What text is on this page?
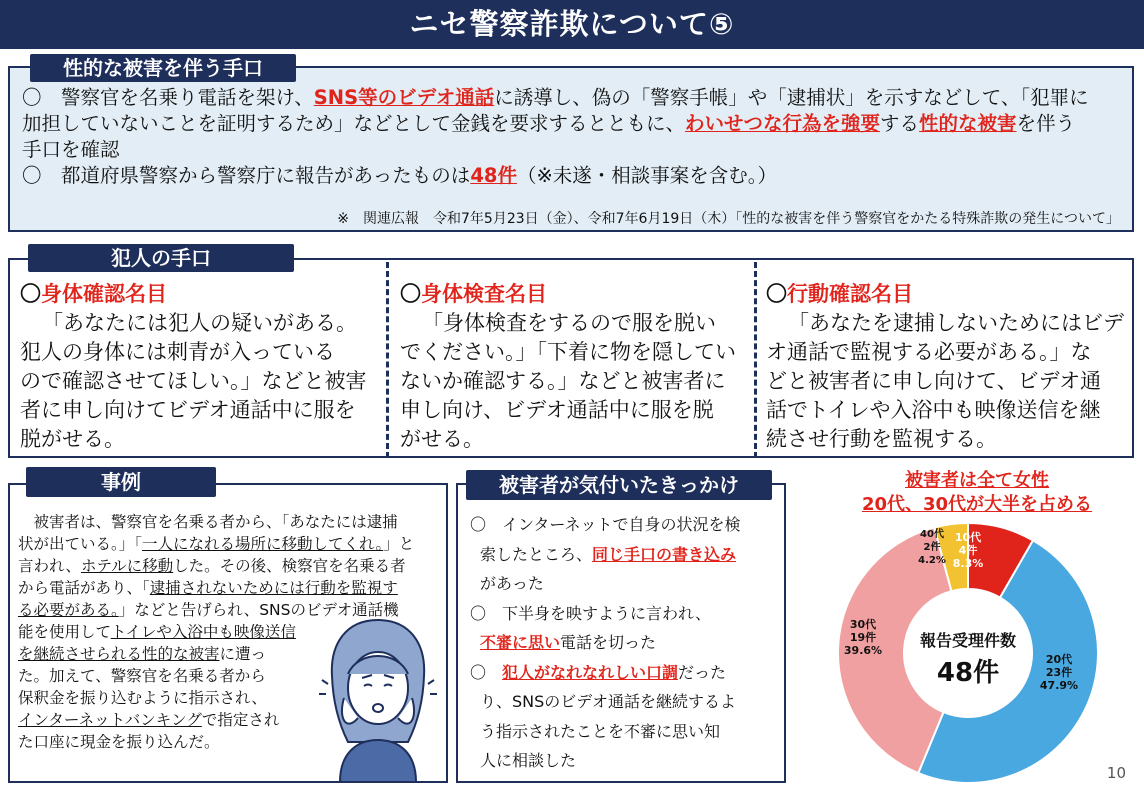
ニセ警察詐欺について⑤

〇　警察官を名乗り電話を架け、SNS等のビデオ通話に誘導し、偽の「警察手帳」や「逮捕状」を示すなどして、「犯罪に

加担していないことを証明するため」などとして金銭を要求するとともに、わいせつな行為を強要する性的な被害を伴う

手口を確認

〇　都道府県警察から警察庁に報告があったものは48件（※未遂・相談事案を含む。）

※　関連広報　令和7年5月23日（金）、令和7年6月19日（木）「性的な被害を伴う警察官をかたる特殊詐欺の発生について」

性的な被害を伴う手口
犯人の手口
〇身体確認名目
「あなたには犯人の疑いがある。
犯人の身体には刺青が入っている
ので確認させてほしい。」などと被害
者に申し向けてビデオ通話中に服を
脱がせる。
〇身体検査名目
「身体検査をするので服を脱い
でください。」「下着に物を隠してい
ないか確認する。」などと被害者に
申し向け、ビデオ通話中に服を脱
がせる。
〇行動確認名目
「あなたを逮捕しないためにはビデ
オ通話で監視する必要がある。」な
どと被害者に申し向けて、ビデオ通
話でトイレや入浴中も映像送信を継
続させ行動を監視する。
事例
　被害者は、警察官を名乗る者から、「あなたには逮捕
状が出ている。」「一人になれる場所に移動してくれ。」と
言われ、ホテルに移動した。その後、検察官を名乗る者
から電話があり、「逮捕されないためには行動を監視す
る必要がある。」などと告げられ、SNSのビデオ通話機
能を使用してトイレや入浴中も映像送信
を継続させられる性的な被害に遭っ
た。加えて、警察官を名乗る者から
保釈金を振り込むように指示され、
インターネットバンキングで指定され
た口座に現金を振り込んだ。
被害者が気付いたきっかけ
〇　インターネットで自身の状況を検
索したところ、同じ手口の書き込み
があった
〇　下半身を映すように言われ、
不審に思い電話を切った
〇　犯人がなれなれしい口調だった
り、SNSのビデオ通話を継続するよ
う指示されたことを不審に思い知
人に相談した
被害者は全て女性
20代、30代が大半を占める
10代
4件
8.3%
20代
23件
47.9%
30代
19件
39.6%
40代
2件
4.2%
報告受理件数
48件
10
